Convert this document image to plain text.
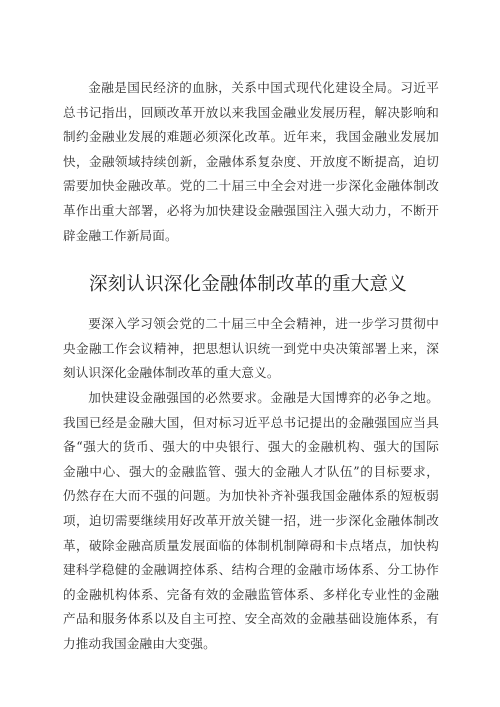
金融是国民经济的血脉，关系中国式现代化建设全局。习近平总书记指出，回顾改革开放以来我国金融业发展历程，解决影响和制约金融业发展的难题必须深化改革。近年来，我国金融业发展加快，金融领域持续创新，金融体系复杂度、开放度不断提高，迫切需要加快金融改革。党的二十届三中全会对进一步深化金融体制改革作出重大部署，必将为加快建设金融强国注入强大动力，不断开辟金融工作新局面。

深刻认识深化金融体制改革的重大意义

要深入学习领会党的二十届三中全会精神，进一步学习贯彻中央金融工作会议精神，把思想认识统一到党中央决策部署上来，深刻认识深化金融体制改革的重大意义。

加快建设金融强国的必然要求。金融是大国博弈的必争之地。我国已经是金融大国，但对标习近平总书记提出的金融强国应当具备“强大的货币、强大的中央银行、强大的金融机构、强大的国际金融中心、强大的金融监管、强大的金融人才队伍”的目标要求，仍然存在大而不强的问题。为加快补齐补强我国金融体系的短板弱项，迫切需要继续用好改革开放关键一招，进一步深化金融体制改革，破除金融高质量发展面临的体制机制障碍和卡点堵点，加快构建科学稳健的金融调控体系、结构合理的金融市场体系、分工协作的金融机构体系、完备有效的金融监管体系、多样化专业性的金融产品和服务体系以及自主可控、安全高效的金融基础设施体系，有力推动我国金融由大变强。
